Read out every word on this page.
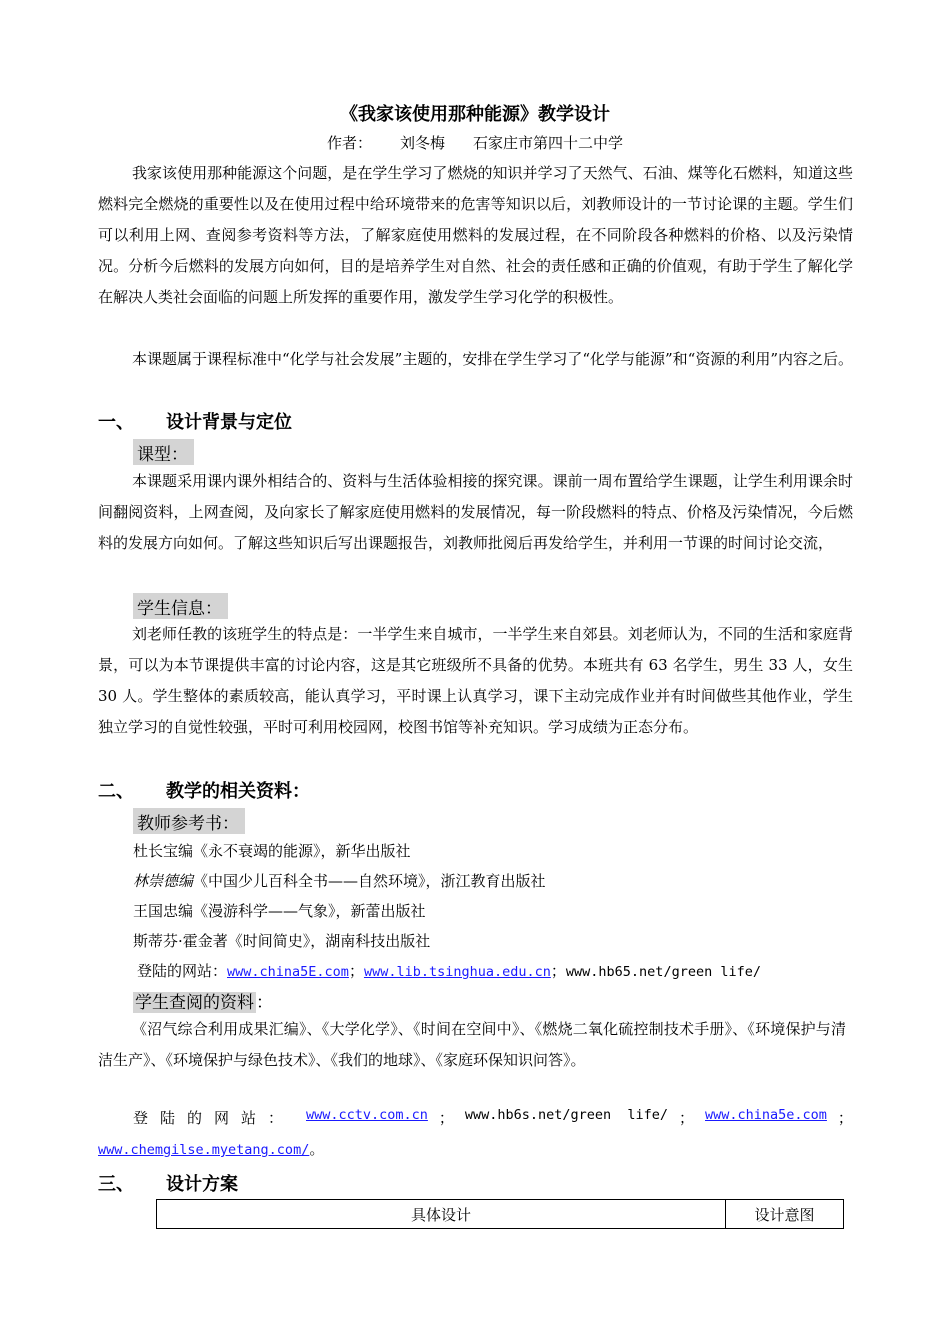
《我家该使用那种能源》教学设计
作者： 刘冬梅 石家庄市第四十二中学

我家该使用那种能源这个问题，是在学生学习了燃烧的知识并学习了天然气、石油、煤等化石燃料，知道这些燃料完全燃烧的重要性以及在使用过程中给环境带来的危害等知识以后，刘教师设计的一节讨论课的主题。学生们可以利用上网、查阅参考资料等方法，了解家庭使用燃料的发展过程，在不同阶段各种燃料的价格、以及污染情况。分析今后燃料的发展方向如何，目的是培养学生对自然、社会的责任感和正确的价值观，有助于学生了解化学在解决人类社会面临的问题上所发挥的重要作用，激发学生学习化学的积极性。

本课题属于课程标准中“化学与社会发展”主题的，安排在学生学习了“化学与能源”和“资源的利用”内容之后。

一、 设计背景与定位
课型：

本课题采用课内课外相结合的、资料与生活体验相接的探究课。课前一周布置给学生课题，让学生利用课余时间翻阅资料，上网查阅，及向家长了解家庭使用燃料的发展情况，每一阶段燃料的特点、价格及污染情况，今后燃料的发展方向如何。了解这些知识后写出课题报告，刘教师批阅后再发给学生，并利用一节课的时间讨论交流，

学生信息：

刘老师任教的该班学生的特点是：一半学生来自城市，一半学生来自郊县。刘老师认为，不同的生活和家庭背景，可以为本节课提供丰富的讨论内容，这是其它班级所不具备的优势。本班共有 63 名学生，男生 33 人，女生 30 人。学生整体的素质较高，能认真学习，平时课上认真学习，课下主动完成作业并有时间做些其他作业，学生独立学习的自觉性较强，平时可利用校园网，校图书馆等补充知识。学习成绩为正态分布。

二、 教学的相关资料：
教师参考书：
杜长宝编《永不衰竭的能源》，新华出版社
林崇德编《中国少儿百科全书——自然环境》，浙江教育出版社
王国忠编《漫游科学——气象》，新蕾出版社
斯蒂芬·霍金著《时间简史》，湖南科技出版社
登陆的网站：www.china5E.com；www.lib.tsinghua.edu.cn；www.hb65.net/green life/
学生查阅的资料 ：

《沼气综合利用成果汇编》、《大学化学》、《时间在空间中》、《燃烧二氧化硫控制技术手册》、《环境保护与清洁生产》、《环境保护与绿色技术》、《我们的地球》、《家庭环保知识问答》。

登陆的网站： www.cctv.com.cn ； www.hb6s.net/green  life/ ； www.china5e.com ；
www.chemgilse.myetang.com/。
三、 设计方案
具体设计	设计意图
